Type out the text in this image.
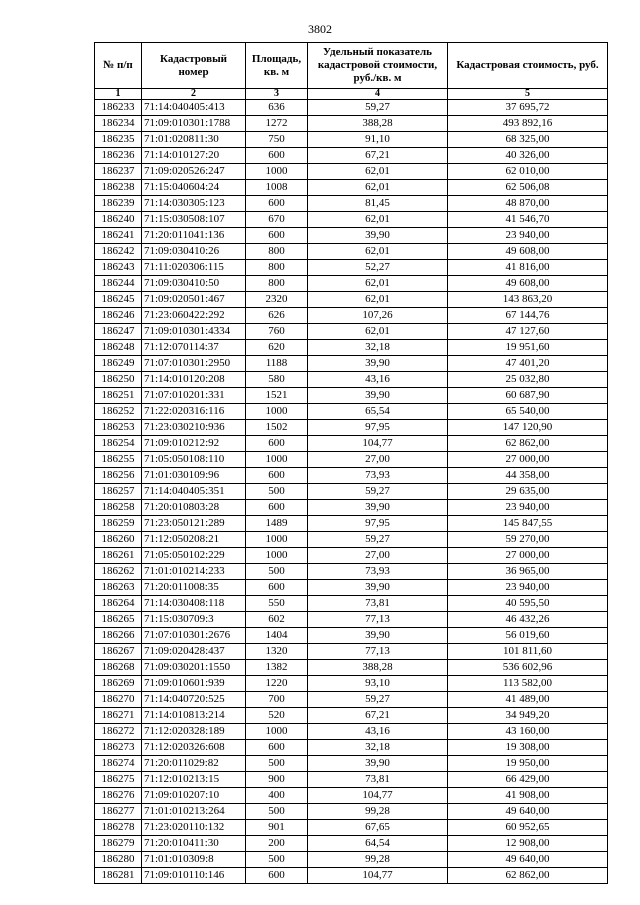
3802
№ п/п	Кадастровый номер	Площадь, кв. м	Удельный показатель кадастровой стоимости, руб./кв. м	Кадастровая стоимость, руб.
1	2	3	4	5
186233	71:14:040405:413	636	59,27	37 695,72
186234	71:09:010301:1788	1272	388,28	493 892,16
186235	71:01:020811:30	750	91,10	68 325,00
186236	71:14:010127:20	600	67,21	40 326,00
186237	71:09:020526:247	1000	62,01	62 010,00
186238	71:15:040604:24	1008	62,01	62 506,08
186239	71:14:030305:123	600	81,45	48 870,00
186240	71:15:030508:107	670	62,01	41 546,70
186241	71:20:011041:136	600	39,90	23 940,00
186242	71:09:030410:26	800	62,01	49 608,00
186243	71:11:020306:115	800	52,27	41 816,00
186244	71:09:030410:50	800	62,01	49 608,00
186245	71:09:020501:467	2320	62,01	143 863,20
186246	71:23:060422:292	626	107,26	67 144,76
186247	71:09:010301:4334	760	62,01	47 127,60
186248	71:12:070114:37	620	32,18	19 951,60
186249	71:07:010301:2950	1188	39,90	47 401,20
186250	71:14:010120:208	580	43,16	25 032,80
186251	71:07:010201:331	1521	39,90	60 687,90
186252	71:22:020316:116	1000	65,54	65 540,00
186253	71:23:030210:936	1502	97,95	147 120,90
186254	71:09:010212:92	600	104,77	62 862,00
186255	71:05:050108:110	1000	27,00	27 000,00
186256	71:01:030109:96	600	73,93	44 358,00
186257	71:14:040405:351	500	59,27	29 635,00
186258	71:20:010803:28	600	39,90	23 940,00
186259	71:23:050121:289	1489	97,95	145 847,55
186260	71:12:050208:21	1000	59,27	59 270,00
186261	71:05:050102:229	1000	27,00	27 000,00
186262	71:01:010214:233	500	73,93	36 965,00
186263	71:20:011008:35	600	39,90	23 940,00
186264	71:14:030408:118	550	73,81	40 595,50
186265	71:15:030709:3	602	77,13	46 432,26
186266	71:07:010301:2676	1404	39,90	56 019,60
186267	71:09:020428:437	1320	77,13	101 811,60
186268	71:09:030201:1550	1382	388,28	536 602,96
186269	71:09:010601:939	1220	93,10	113 582,00
186270	71:14:040720:525	700	59,27	41 489,00
186271	71:14:010813:214	520	67,21	34 949,20
186272	71:12:020328:189	1000	43,16	43 160,00
186273	71:12:020326:608	600	32,18	19 308,00
186274	71:20:011029:82	500	39,90	19 950,00
186275	71:12:010213:15	900	73,81	66 429,00
186276	71:09:010207:10	400	104,77	41 908,00
186277	71:01:010213:264	500	99,28	49 640,00
186278	71:23:020110:132	901	67,65	60 952,65
186279	71:20:010411:30	200	64,54	12 908,00
186280	71:01:010309:8	500	99,28	49 640,00
186281	71:09:010110:146	600	104,77	62 862,00
